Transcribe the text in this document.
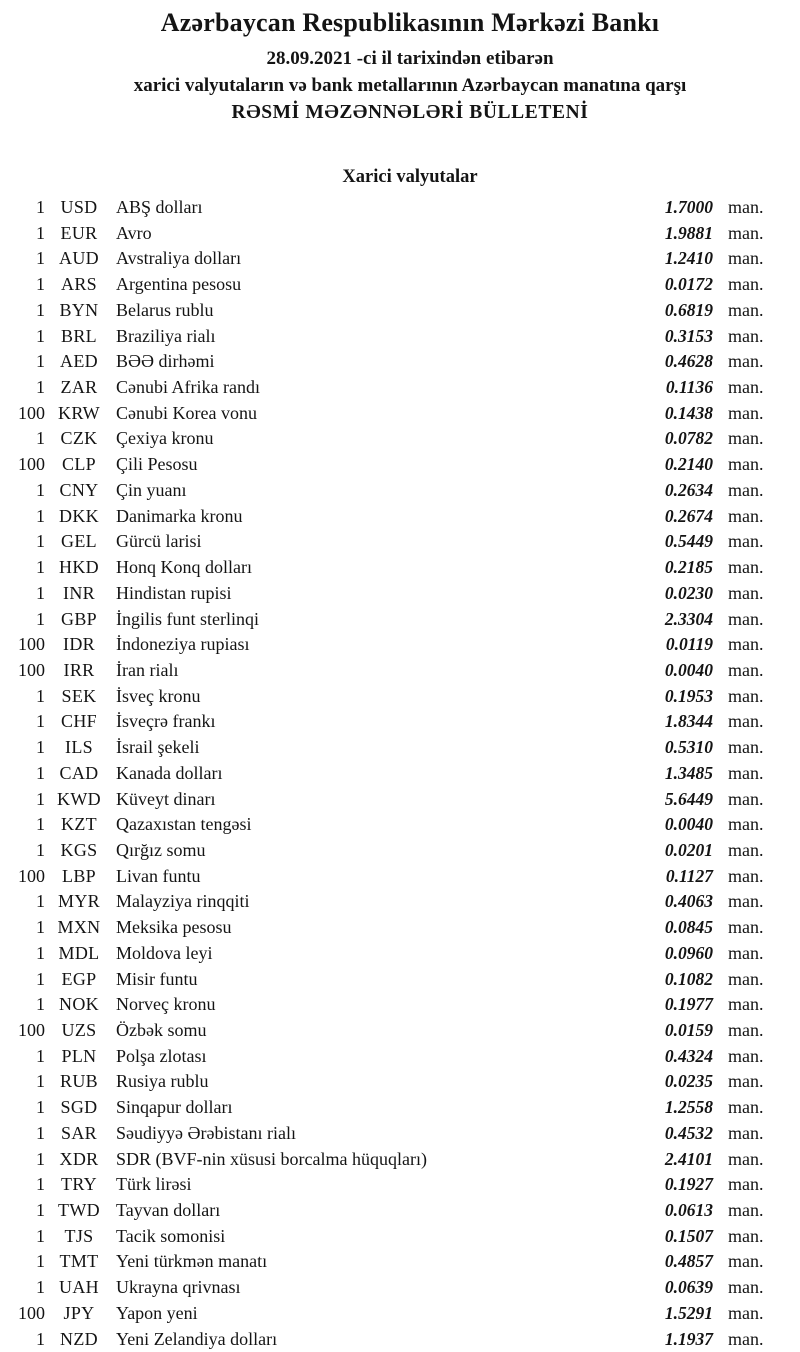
Azərbaycan Respublikasının Mərkəzi Bankı
28.09.2021 -ci il tarixindən etibarən
xarici valyutaların və bank metallarının Azərbaycan manatına qarşı
RƏSMİ MƏZƏNNƏLƏRİ BÜLLETENİ
Xarici valyutalar
1 USD	ABŞ dolları	1.7000 man.
1 EUR	Avro	1.9881 man.
1 AUD Avstraliya dolları	1.2410 man.
1 ARS	Argentina pesosu	0.0172 man.
1 BYN Belarus rublu	0.6819 man.
1 BRL	Braziliya rialı	0.3153 man.
1 AED	BƏƏ dirhəmi	0.4628 man.
1 ZAR	Cənubi Afrika randı	0.1136 man.
100 KRW Cənubi Korea vonu	0.1438 man.
1 CZK	Çexiya kronu	0.0782 man.
100 CLP	Çili Pesosu	0.2140 man.
1 CNY Çin yuanı	0.2634 man.
1 DKK Danimarka kronu	0.2674 man.
1 GEL	Gürcü larisi	0.5449 man.
1 HKD Honq Konq dolları	0.2185 man.
1	INR	Hindistan rupisi	0.0230 man.
1 GBP	İngilis funt sterlinqi	2.3304 man.
100	IDR	İndoneziya rupiası	0.0119 man.
100	IRR	İran rialı	0.0040 man.
1 SEK	İsveç kronu	0.1953 man.
1 CHF	İsveçrə frankı	1.8344 man.
1	ILS	İsrail şekeli	0.5310 man.
1 CAD Kanada dolları	1.3485 man.
1 KWD Küveyt dinarı	5.6449 man.
1 KZT	Qazaxıstan tengəsi	0.0040 man.
1 KGS	Qırğız somu	0.0201 man.
100 LBP	Livan funtu	0.1127 man.
1 MYR Malayziya rinqqiti	0.4063 man.
1 MXN Meksika pesosu	0.0845 man.
1 MDL Moldova leyi	0.0960 man.
1 EGP	Misir funtu	0.1082 man.
1 NOK Norveç kronu	0.1977 man.
100 UZS	Özbək somu	0.0159 man.
1 PLN	Polşa zlotası	0.4324 man.
1 RUB	Rusiya rublu	0.0235 man.
1 SGD	Sinqapur dolları	1.2558 man.
1 SAR	Səudiyyə Ərəbistanı rialı	0.4532 man.
1 XDR SDR (BVF-nin xüsusi borcalma hüquqları)	2.4101 man.
1 TRY	Türk lirəsi	0.1927 man.
1 TWD Tayvan dolları	0.0613 man.
1	TJS	Tacik somonisi	0.1507 man.
1 TMT Yeni türkmən manatı	0.4857 man.
1 UAH Ukrayna qrivnası	0.0639 man.
100	JPY	Yapon yeni	1.5291 man.
1 NZD	Yeni Zelandiya dolları	1.1937 man.
